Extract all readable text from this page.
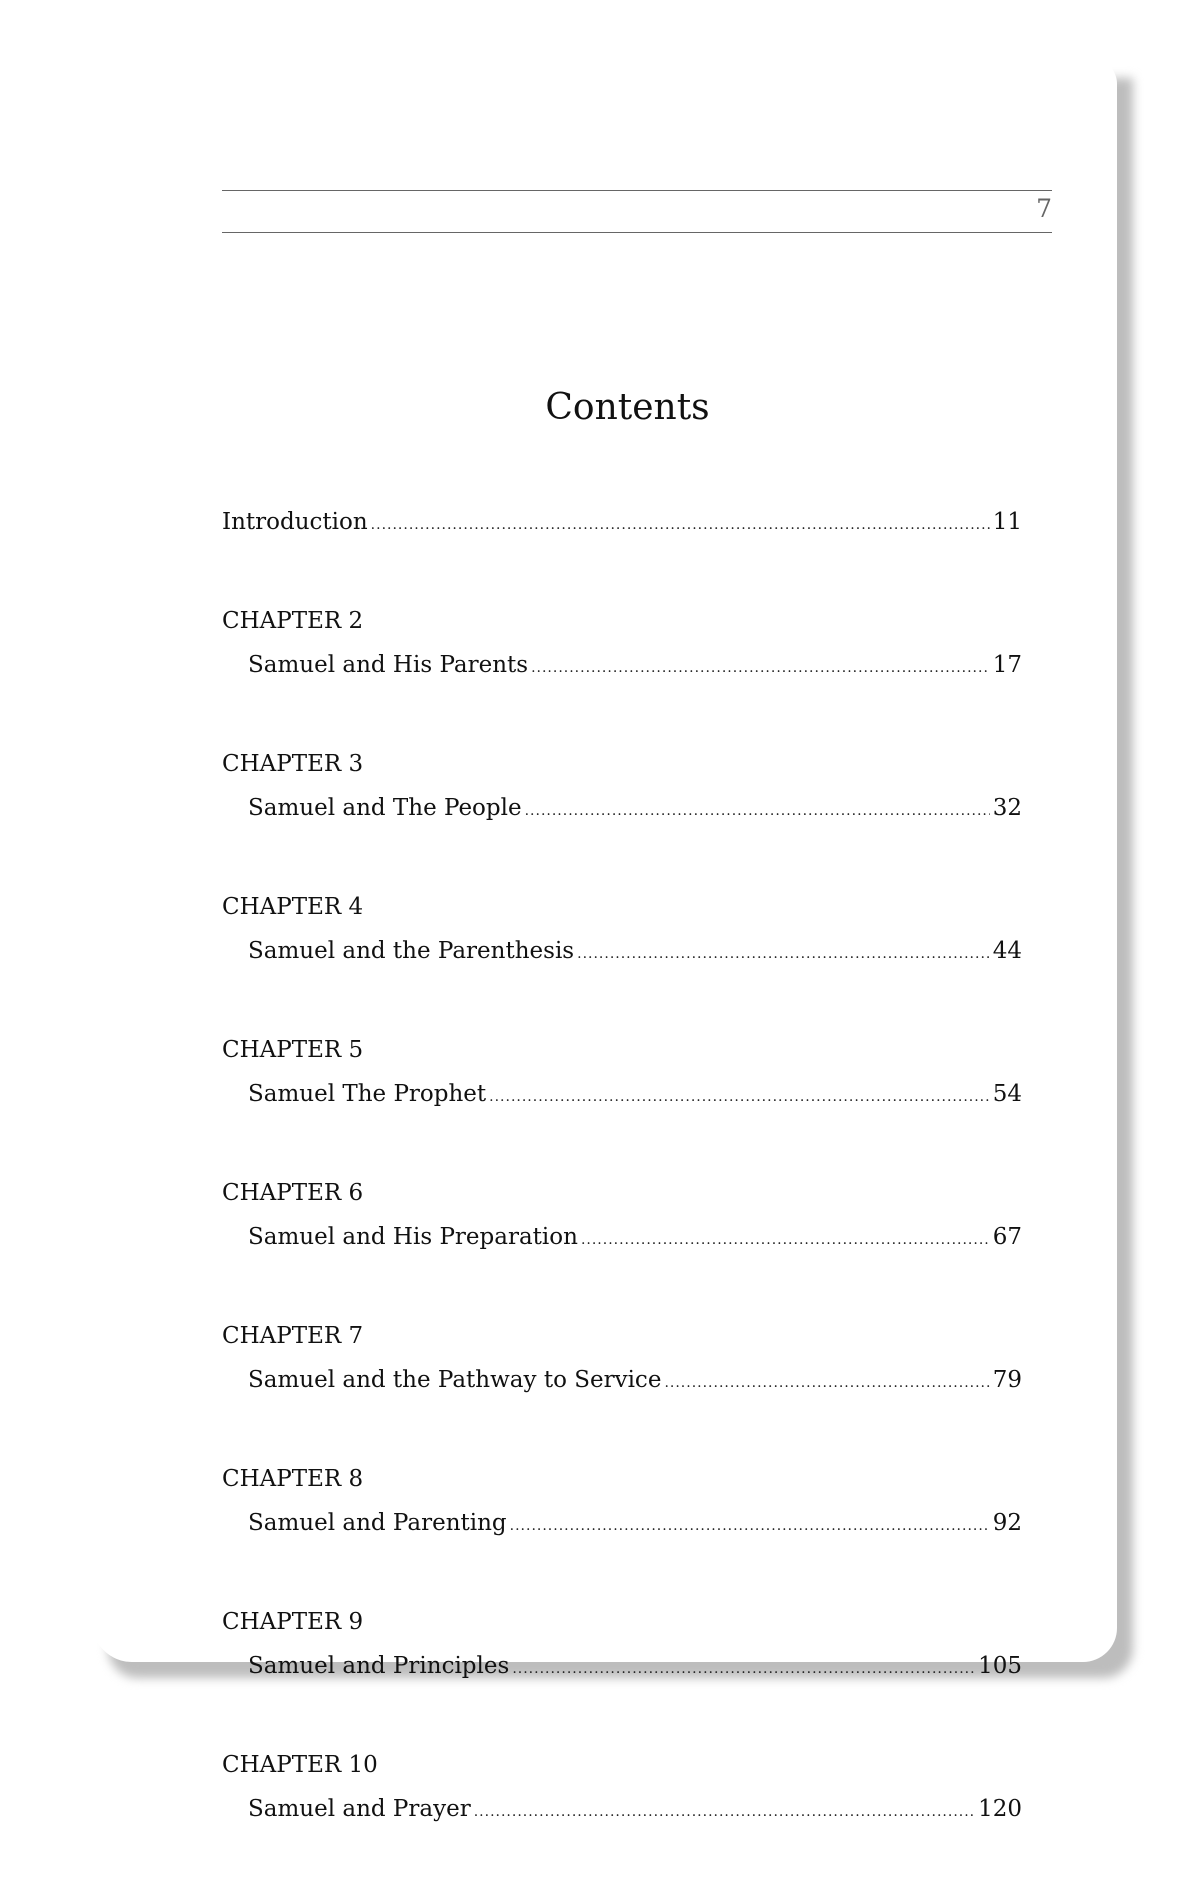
7
Contents
Introduction .....	11
CHAPTER 2
Samuel and His Parents .....	17
CHAPTER 3
Samuel and The People .....	32
CHAPTER 4
Samuel and the Parenthesis .....	44
CHAPTER 5
Samuel The Prophet .....	54
CHAPTER 6
Samuel and His Preparation .....	67
CHAPTER 7
Samuel and the Pathway to Service .....	79
CHAPTER 8
Samuel and Parenting .....	92
CHAPTER 9
Samuel and Principles .....	105
CHAPTER 10
Samuel and Prayer .....	120
